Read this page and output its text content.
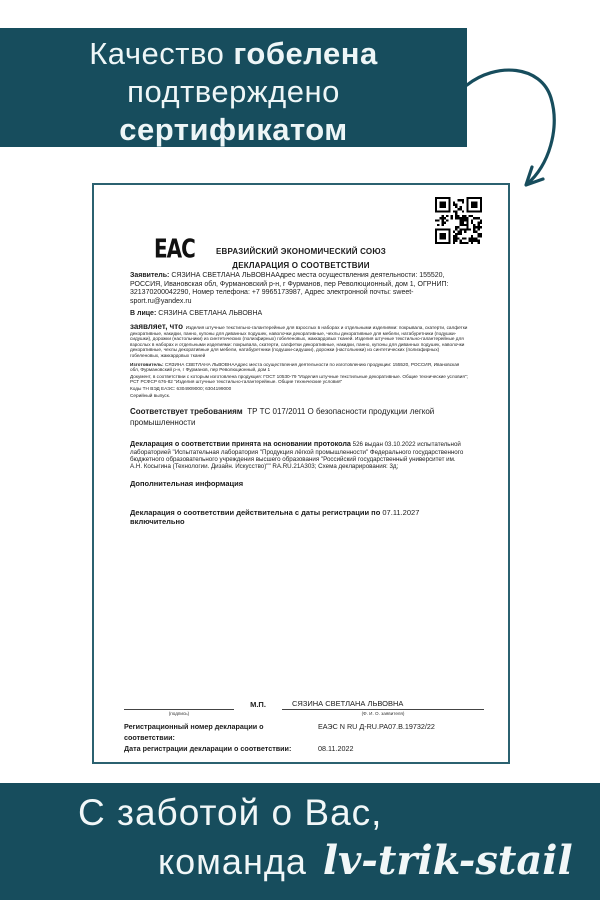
Качество гобелена
подтверждено
сертификатом
ЕАС	ЕВРАЗИЙСКИЙ ЭКОНОМИЧЕСКИЙ СОЮЗ
ДЕКЛАРАЦИЯ О СООТВЕТСТВИИ

Заявитель: СЯЗИНА СВЕТЛАНА ЛЬВОВНААдрес места осуществления деятельности: 155520, РОССИЯ, Ивановская обл, Фурмановский р-н, г Фурманов, пер Революционный, дом 1, ОГРНИП: 321370200042290, Номер телефона: +7 9965173987, Адрес электронной почты: sweet-sport.ru@yandex.ru

В лице: СЯЗИНА СВЕТЛАНА ЛЬВОВНА

заявляет, что Изделия штучные текстильно-галантерейные для взрослых в наборах и отдельными изделиями: покрывала, скатерти, салфетки декоративные, накидки, панно, купоны для диванных подушек, наволочки декоративные, чехлы декоративные для мебели, натабуретники (подушки-сидушки), дорожки (настольники) из синтетических (полиэфирных) гобеленовых, жаккардовых тканей. Изделия штучные текстильно-галантерейные для взрослых в наборах и отдельными изделиями: покрывала, скатерти, салфетки декоративные, накидки, панно, купоны для диванных подушек, наволочки декоративные, чехлы декоративные для мебели, натабуретники (подушки-сидушки), дорожки (настольники) из синтетических (полиэфирных) гобеленовых, жаккардовых тканей

Изготовитель: СЯЗИНА СВЕТЛАНА ЛЬВОВНААдрес места осуществления деятельности по изготовлению продукции: 155520, РОССИЯ, Ивановская обл, Фурмановский р-н, г Фурманов, пер Революционный, дом 1

Документ, в соответствии с которым изготовлена продукция: ГОСТ 10530-79 "Изделия штучные текстильные декоративные. Общие технические условия"; РСТ РСФСР 676-82 "Изделия штучные текстильно-галантерейные. Общие технические условия"

Коды ТН ВЭД ЕАЭС: 6304909000; 6304199000

Серийный выпуск.

Соответствует требованиям ТР ТС 017/2011 О безопасности продукции легкой промышленности

Декларация о соответствии принята на основании протокола 526 выдан 03.10.2022 испытательной лабораторией "Испытательная лаборатория "Продукция лёгкой промышленности" Федерального государственного бюджетного образовательного учреждения высшего образования "Российский государственный университет им. А.Н. Косыгина (Технологии. Дизайн. Искусство)"" RA.RU.21А303; Схема декларирования: 3д;

Дополнительная информация

Декларация о соответствии действительна с даты регистрации по 07.11.2027
включительно

М.П.	СЯЗИНА СВЕТЛАНА ЛЬВОВНА
(подпись)	(Ф. И. О. заявителя)
Регистрационный номер декларации о соответствии:
ЕАЭС N RU Д-RU.РА07.В.19732/22
Дата регистрации декларации о соответствии:	08.11.2022
С заботой о Вас,
команда lv-trik-stail
